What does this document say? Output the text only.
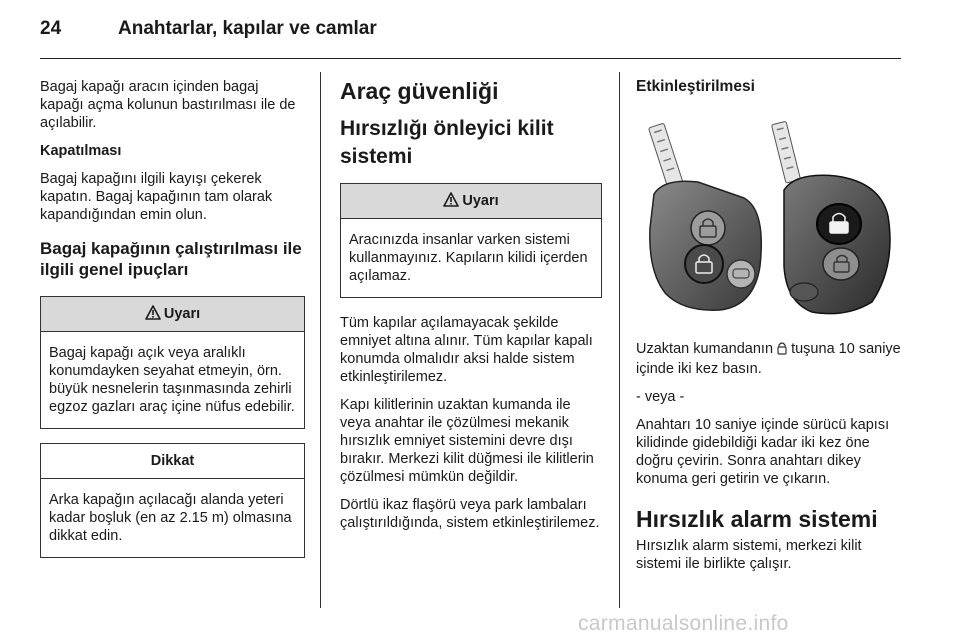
24	Anahtarlar, kapılar ve camlar

Bagaj kapağı aracın içinden bagaj kapağı açma kolunun bastırılması ile de açılabilir.

Kapatılması

Bagaj kapağını ilgili kayışı çekerek kapatın. Bagaj kapağının tam olarak kapandığından emin olun.

Bagaj kapağının çalıştırılması ile ilgili genel ipuçları
Uyarı
Bagaj kapağı açık veya aralıklı konumdayken seyahat etmeyin, örn. büyük nesnelerin taşınmasında zehirli egzoz gazları araç içine nüfus edebilir.
Dikkat
Arka kapağın açılacağı alanda yeteri kadar boşluk (en az 2.15 m) olmasına dikkat edin.
Araç güvenliği
Hırsızlığı önleyici kilit sistemi
Uyarı
Aracınızda insanlar varken sistemi kullanmayınız. Kapıların kilidi içerden açılamaz.

Tüm kapılar açılamayacak şekilde emniyet altına alınır. Tüm kapılar kapalı konumda olmalıdır aksi halde sistem etkinleştirilemez.

Kapı kilitlerinin uzaktan kumanda ile veya anahtar ile çözülmesi mekanik hırsızlık emniyet sistemini devre dışı bırakır. Merkezi kilit düğmesi ile kilitlerin çözülmesi mümkün değildir.

Dörtlü ikaz flaşörü veya park lambaları çalıştırıldığında, sistem etkinleştirilemez.

Etkinleştirilmesi

Uzaktan kumandanın tuşuna 10 saniye içinde iki kez basın.

- veya -

Anahtarı 10 saniye içinde sürücü kapısı kilidinde gidebildiği kadar iki kez öne doğru çevirin. Sonra anahtarı dikey konuma geri getirin ve çıkarın.

Hırsızlık alarm sistemi

Hırsızlık alarm sistemi, merkezi kilit sistemi ile birlikte çalışır.

carmanualsonline.info
